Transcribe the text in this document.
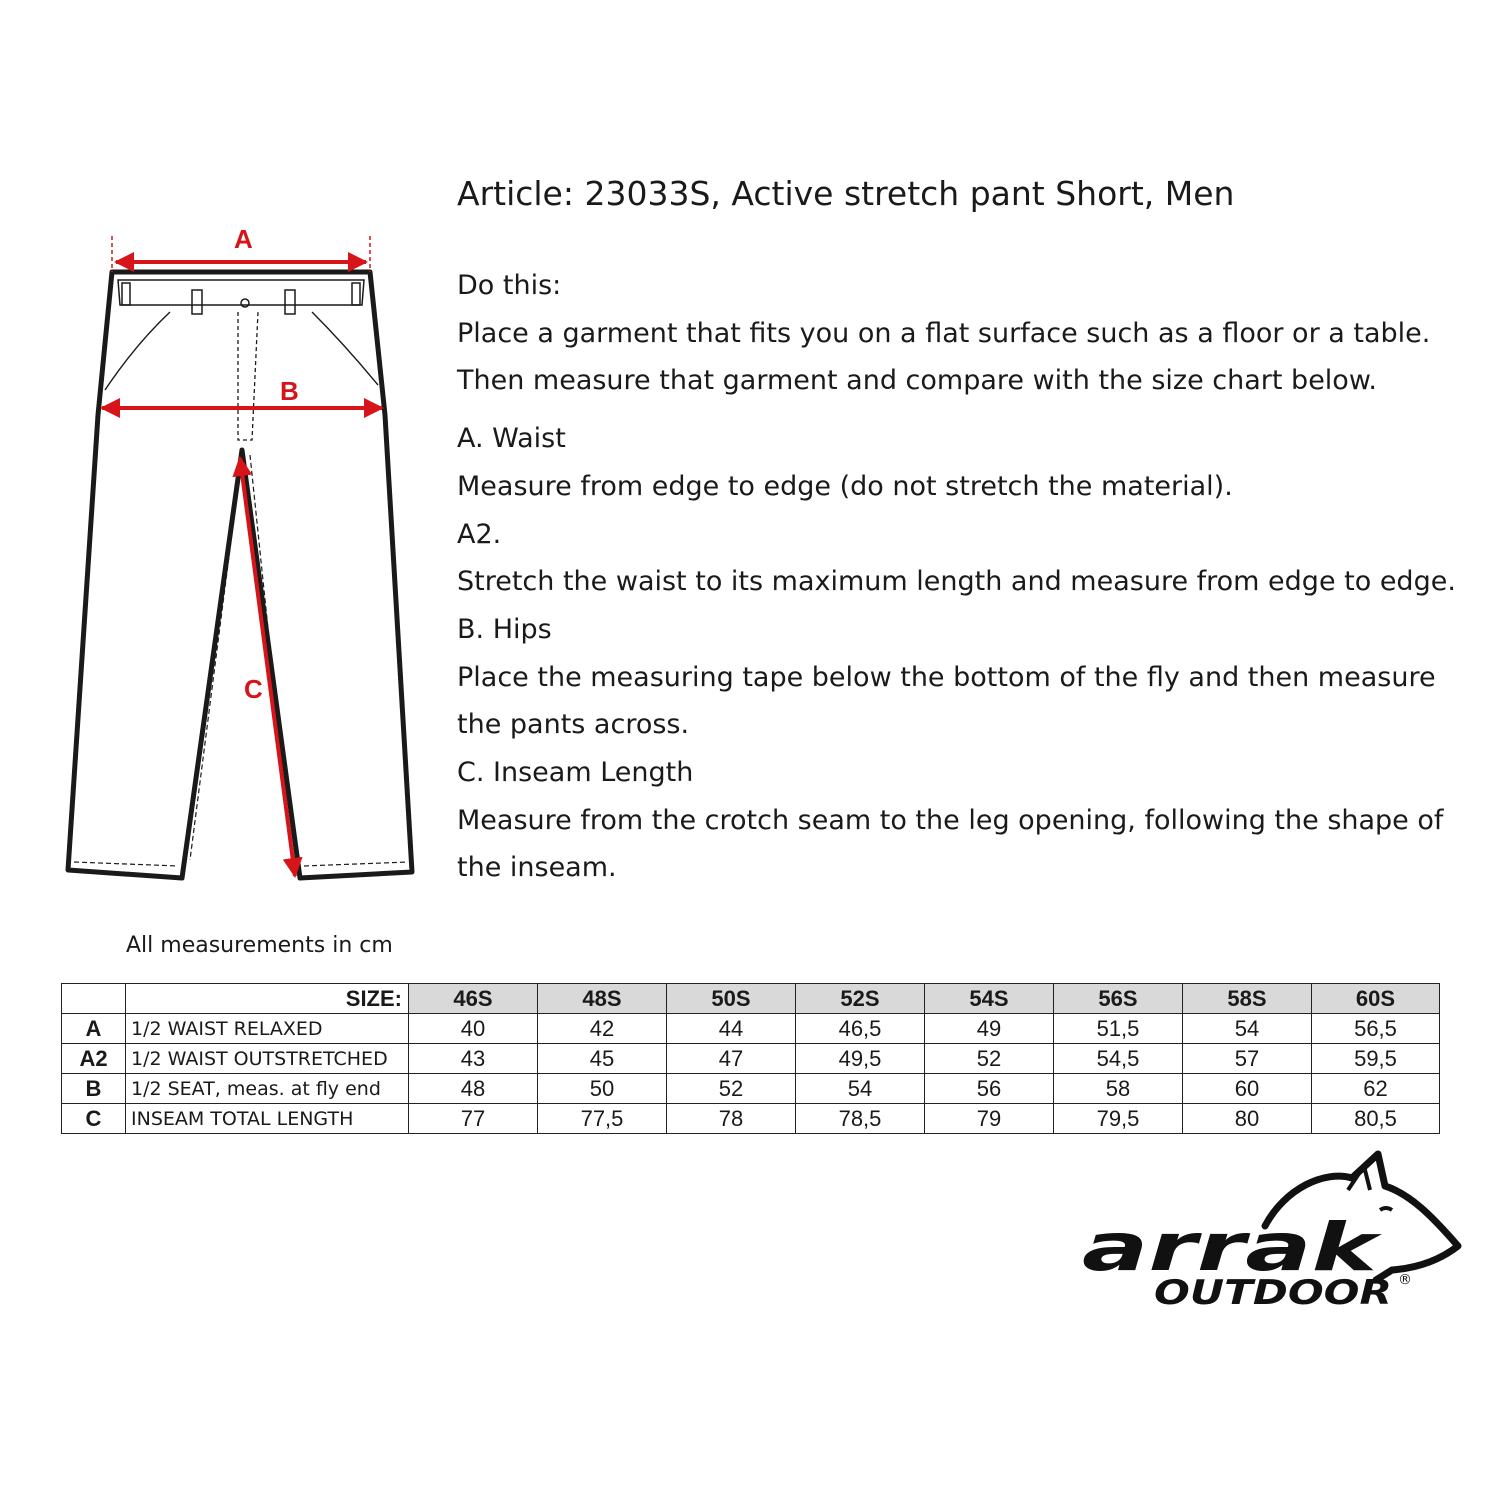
Article: 23033S, Active stretch pant Short, Men

Do this:

Place a garment that fits you on a flat surface such as a floor or a table.

Then measure that garment and compare with the size chart below.

A. Waist

Measure from edge to edge (do not stretch the material).

A2.

Stretch the waist to its maximum length and measure from edge to edge.

B. Hips

Place the measuring tape below the bottom of the fly and then measure the pants across.

C. Inseam Length

Measure from the crotch seam to the leg opening, following the shape of the inseam.

A
B
C
All measurements in cm
	SIZE:	46S	48S	50S	52S	54S	56S	58S	60S
A	1/2 WAIST RELAXED	40	42	44	46,5	49	51,5	54	56,5
A2	1/2 WAIST OUTSTRETCHED	43	45	47	49,5	52	54,5	57	59,5
B	1/2 SEAT, meas. at fly end	48	50	52	54	56	58	60	62
C	INSEAM TOTAL LENGTH	77	77,5	78	78,5	79	79,5	80	80,5
arrak
OUTDOOR ®
